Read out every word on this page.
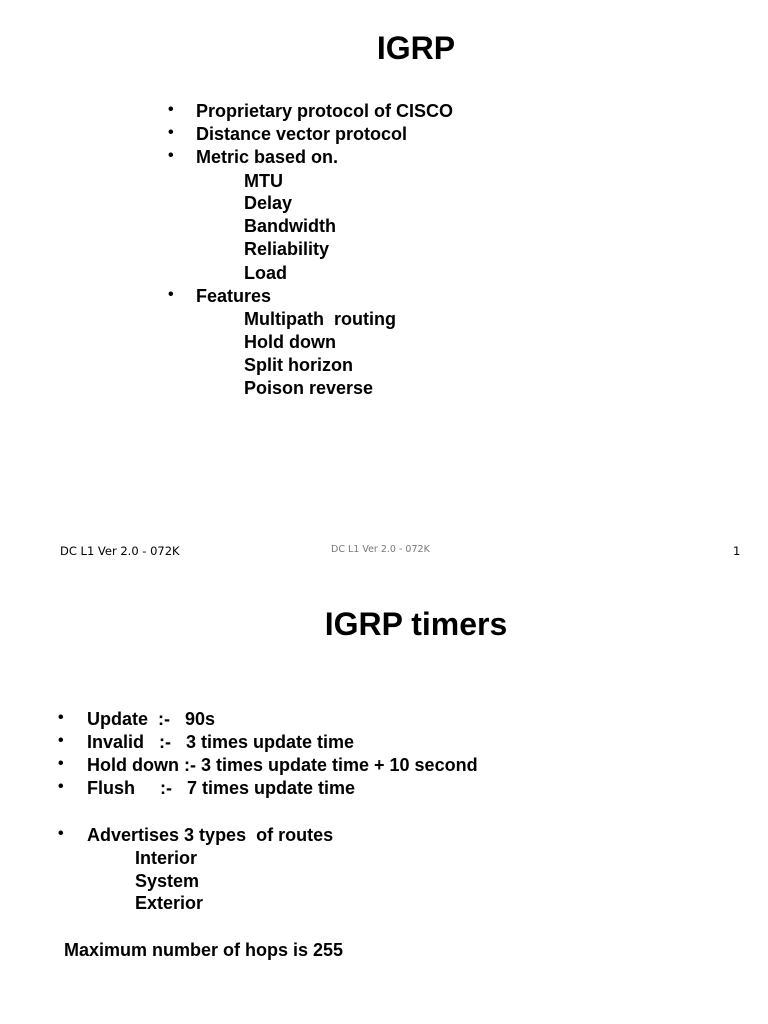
IGRP
• Proprietary protocol of CISCO
• Distance vector protocol
• Metric based on.
MTU
Delay
Bandwidth
Reliability
Load
• Features
Multipath  routing
Hold down
Split horizon
Poison reverse
DC L1 Ver 2.0 - 072K	DC L1 Ver 2.0 - 072K	1
IGRP timers
• Update  :-   90s
• Invalid   :-   3 times update time
• Hold down :- 3 times update time + 10 second
• Flush     :-   7 times update time
• Advertises 3 types  of routes
Interior
System
Exterior
Maximum number of hops is 255
